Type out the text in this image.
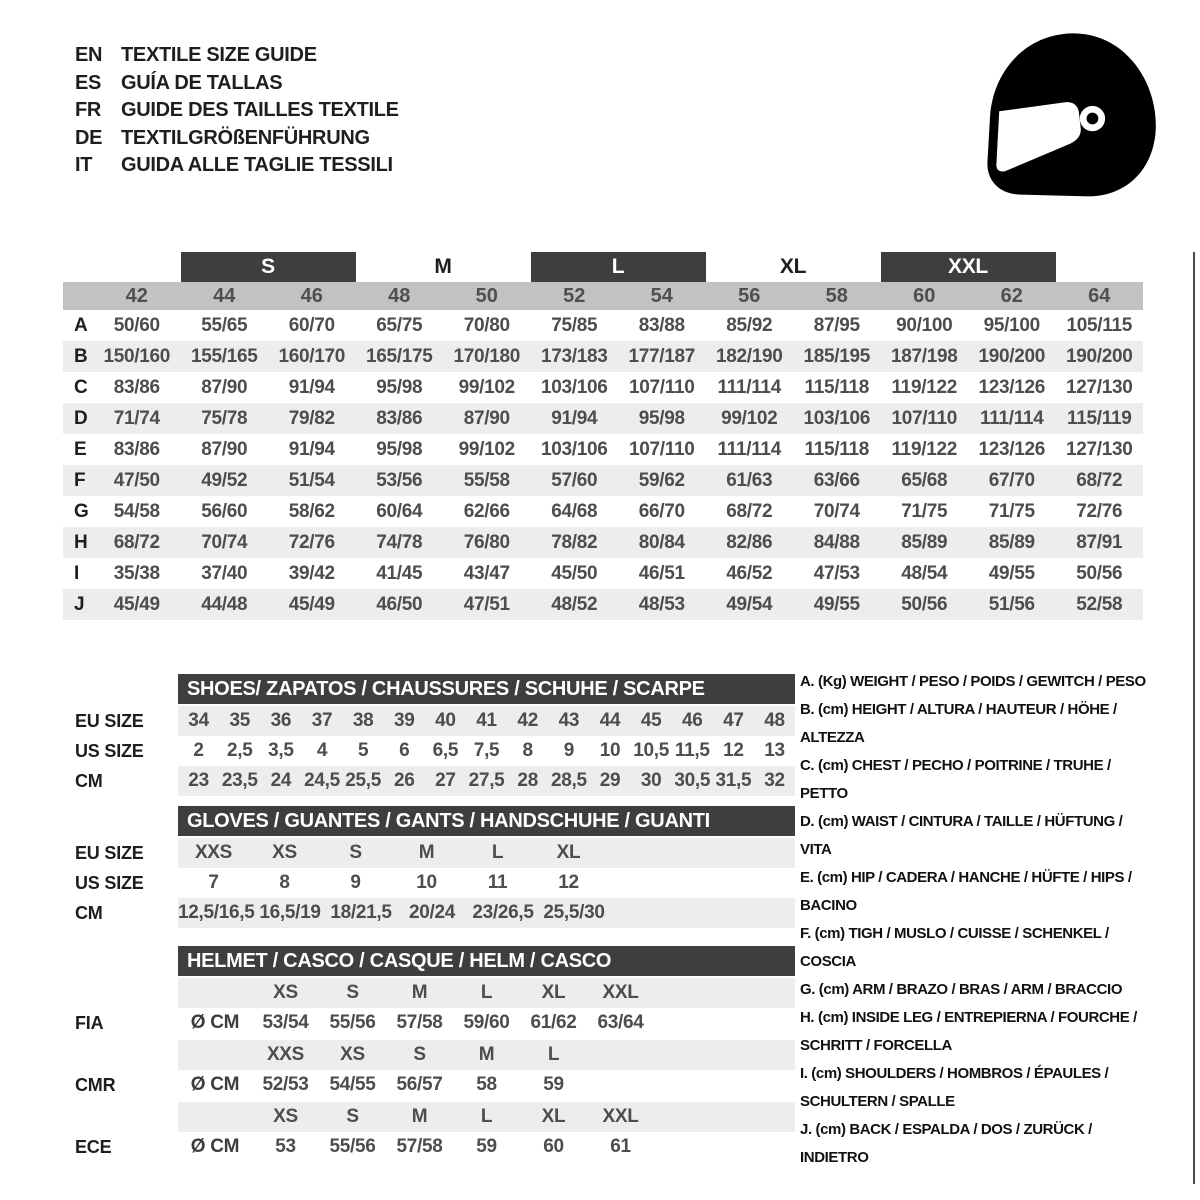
EN TEXTILE SIZE GUIDE
ES GUÍA DE TALLAS
FR GUIDE DES TAILLES TEXTILE
DE TEXTILGRÖßENFÜHRUNG
IT	GUIDA ALLE TAGLIE TESSILI
S	M	L	XL	XXL
42	44	46	48	50	52	54	56	58	60	62	64
A	50/60	55/65	60/70	65/75	70/80	75/85	83/88	85/92	87/95	90/100	95/100	105/115
B 150/160	155/165	160/170	165/175	170/180	173/183	177/187	182/190	185/195	187/198	190/200	190/200
C	83/86	87/90	91/94	95/98	99/102	103/106	107/110	111/114	115/118	119/122	123/126	127/130
D	71/74	75/78	79/82	83/86	87/90	91/94	95/98	99/102	103/106	107/110	111/114	115/119
E	83/86	87/90	91/94	95/98	99/102	103/106	107/110	111/114	115/118	119/122	123/126	127/130
F	47/50	49/52	51/54	53/56	55/58	57/60	59/62	61/63	63/66	65/68	67/70	68/72
G	54/58	56/60	58/62	60/64	62/66	64/68	66/70	68/72	70/74	71/75	71/75	72/76
H	68/72	70/74	72/76	74/78	76/80	78/82	80/84	82/86	84/88	85/89	85/89	87/91
I	35/38	37/40	39/42	41/45	43/47	45/50	46/51	46/52	47/53	48/54	49/55	50/56
J	45/49	44/48	45/49	46/50	47/51	48/52	48/53	49/54	49/55	50/56	51/56	52/58
SHOES/ ZAPATOS / CHAUSSURES / SCHUHE / SCARPE
EU SIZE	34	35	36	37	38	39	40	41	42	43	44	45	46	47	48
US SIZE	2	2,5 3,5	4	5	6	6,5 7,5	8	9	10 10,5 11,5 12	13
CM	23 23,5 24 24,5 25,5 26	27 27,5 28 28,5 29	30 30,5 31,5 32
GLOVES / GUANTES / GANTS / HANDSCHUHE / GUANTI
EU SIZE	XXS	XS	S	M	L	XL
US SIZE	7	8	9	10	11	12
CM	12,5/16,5 16,5/19 18/21,5 20/24 23/26,5 25,5/30
HELMET / CASCO / CASQUE / HELM / CASCO
XS	S	M	L	XL	XXL
FIA	Ø CM	53/54	55/56	57/58	59/60	61/62	63/64
XXS	XS	S	M	L
CMR	Ø CM	52/53	54/55	56/57	58	59
XS	S	M	L	XL	XXL
ECE	Ø CM	53	55/56	57/58	59	60	61
A. (Kg) WEIGHT / PESO / POIDS / GEWITCH / PESO
B. (cm) HEIGHT / ALTURA / HAUTEUR / HÖHE / ALTEZZA
C. (cm) CHEST / PECHO / POITRINE / TRUHE / PETTO
D. (cm) WAIST / CINTURA / TAILLE / HÜFTUNG / VITA
E. (cm) HIP / CADERA / HANCHE / HÜFTE / HIPS / BACINO
F. (cm) TIGH / MUSLO / CUISSE / SCHENKEL / COSCIA
G. (cm) ARM / BRAZO / BRAS / ARM / BRACCIO
H. (cm) INSIDE LEG / ENTREPIERNA / FOURCHE / SCHRITT / FORCELLA
I. (cm) SHOULDERS / HOMBROS / ÉPAULES / SCHULTERN / SPALLE
J. (cm) BACK / ESPALDA / DOS / ZURÜCK / INDIETRO
